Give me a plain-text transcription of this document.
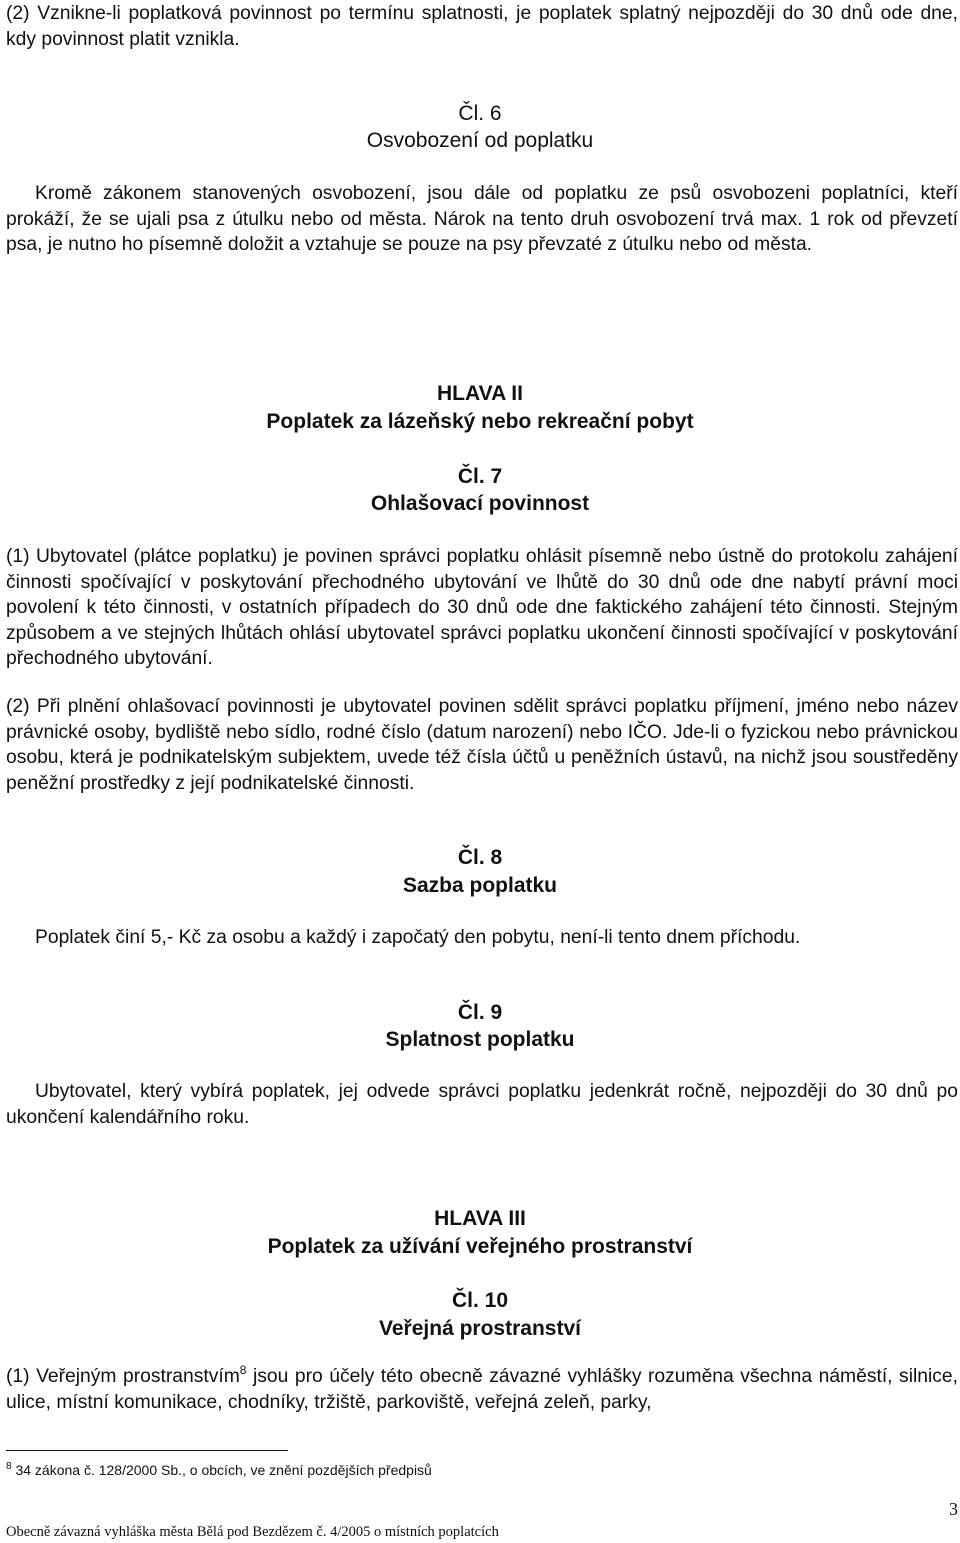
(2) Vznikne-li poplatková povinnost po termínu splatnosti, je poplatek splatný nejpozději do 30 dnů ode dne, kdy povinnost platit vznikla.

Čl. 6
Osvobození od poplatku

Kromě zákonem stanovených osvobození, jsou dále od poplatku ze psů osvobozeni poplatníci, kteří prokáží, že se ujali psa z útulku nebo od města. Nárok na tento druh osvobození trvá max. 1 rok od převzetí psa, je nutno ho písemně doložit a vztahuje se pouze na psy převzaté z útulku nebo od města.

HLAVA II
Poplatek za lázeňský nebo rekreační pobyt
Čl. 7
Ohlašovací povinnost

(1) Ubytovatel (plátce poplatku) je povinen správci poplatku ohlásit písemně nebo ústně do protokolu zahájení činnosti spočívající v poskytování přechodného ubytování ve lhůtě do 30 dnů ode dne nabytí právní moci povolení k této činnosti, v ostatních případech do 30 dnů ode dne faktického zahájení této činnosti. Stejným způsobem a ve stejných lhůtách ohlásí ubytovatel správci poplatku ukončení činnosti spočívající v poskytování přechodného ubytování.

(2) Při plnění ohlašovací povinnosti je ubytovatel povinen sdělit správci poplatku příjmení, jméno nebo název právnické osoby, bydliště nebo sídlo, rodné číslo (datum narození) nebo IČO. Jde-li o fyzickou nebo právnickou osobu, která je podnikatelským subjektem, uvede též čísla účtů u peněžních ústavů, na nichž jsou soustředěny peněžní prostředky z její podnikatelské činnosti.

Čl. 8
Sazba poplatku

Poplatek činí 5,- Kč za osobu a každý i započatý den pobytu, není-li tento dnem příchodu.

Čl. 9
Splatnost poplatku

Ubytovatel, který vybírá poplatek, jej odvede správci poplatku jedenkrát ročně, nejpozději do 30 dnů po ukončení kalendářního roku.

HLAVA III
Poplatek za užívání veřejného prostranství
Čl. 10
Veřejná prostranství

(1) Veřejným prostranstvím$^8$ jsou pro účely této obecně závazné vyhlášky rozuměna všechna náměstí, silnice, ulice, místní komunikace, chodníky, tržiště, parkoviště, veřejná zeleň, parky,

$^8$ 34 zákona č. 128/2000 Sb., o obcích, ve znění pozdějších předpisů
3
Obecně závazná vyhláška města Bělá pod Bezdězem č. 4/2005 o místních poplatcích
